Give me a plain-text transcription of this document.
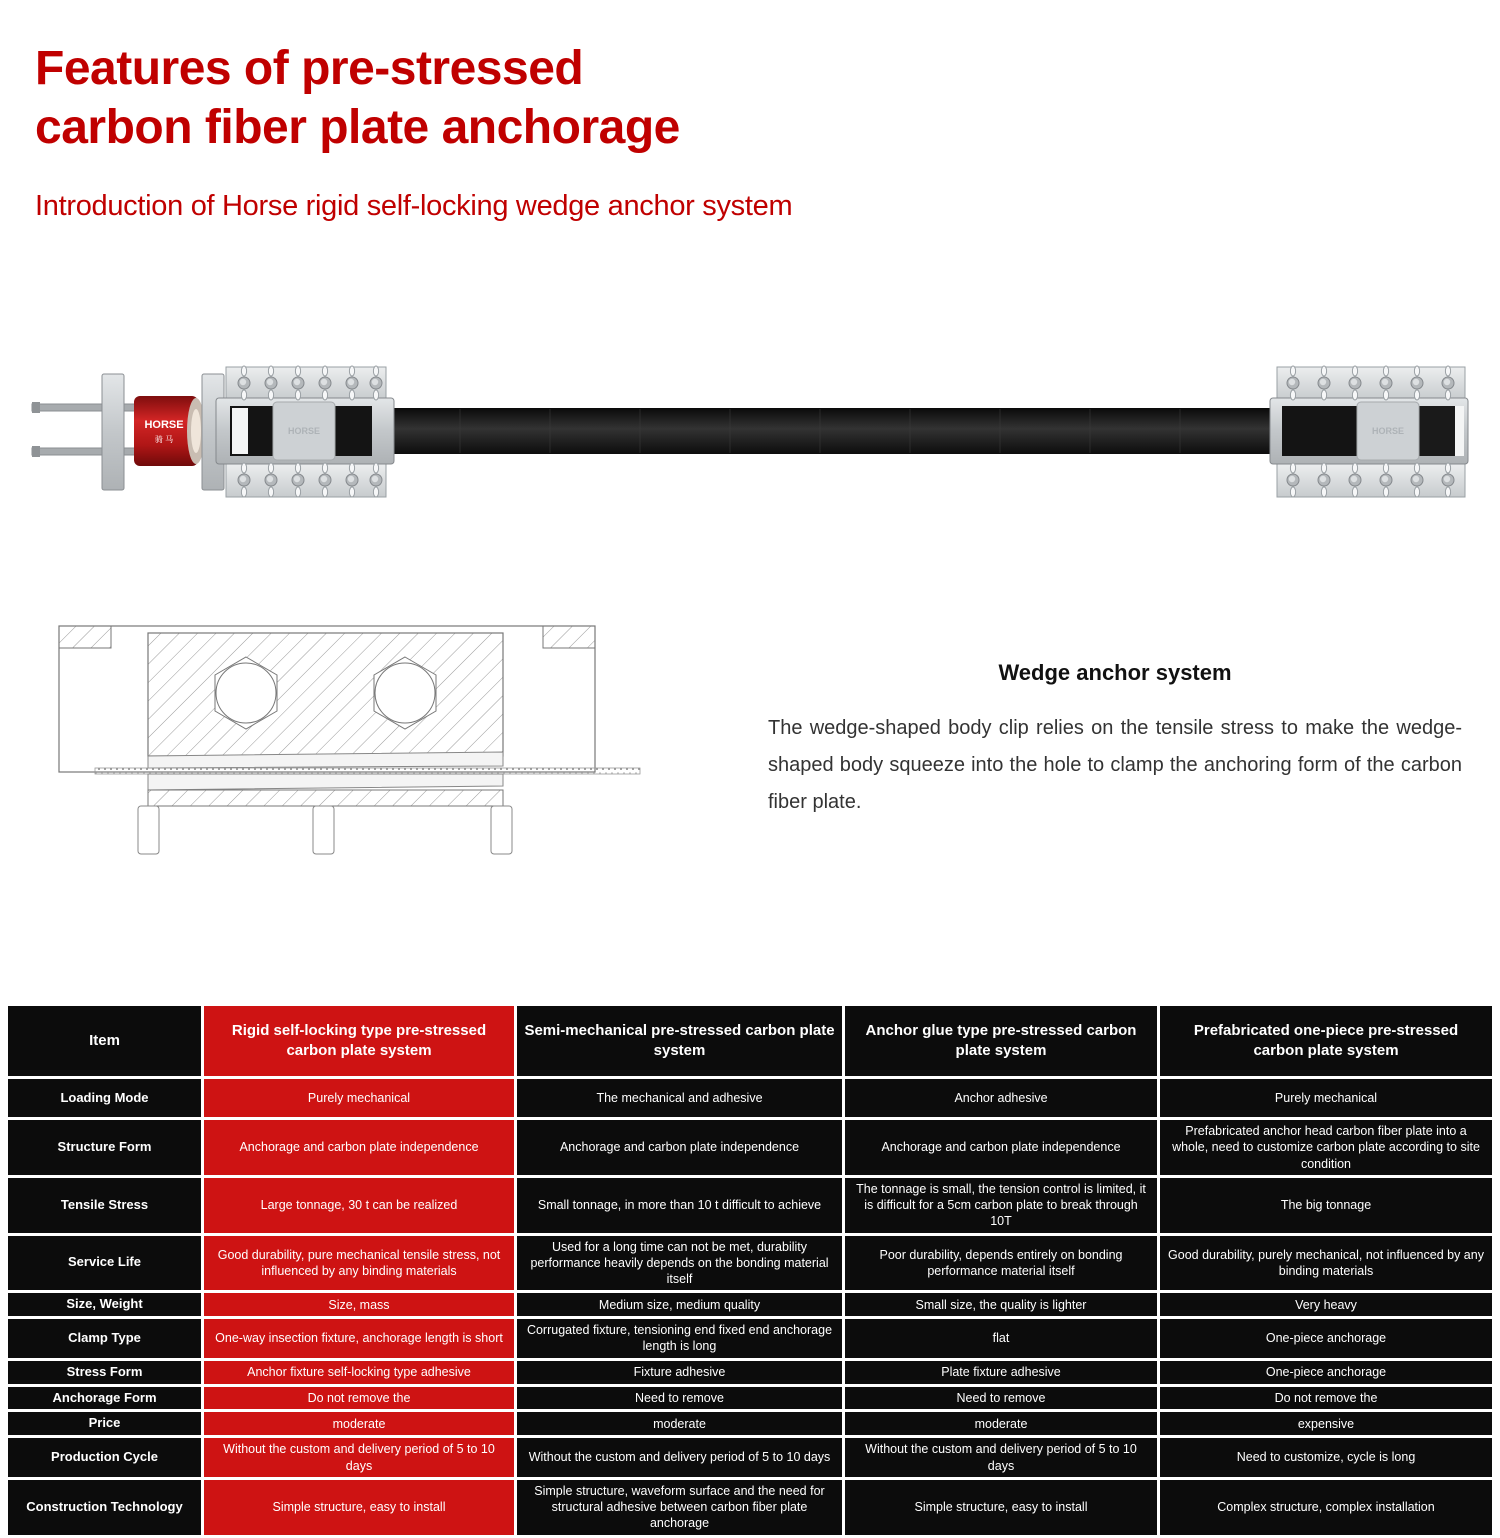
Features of pre-stressed
carbon fiber plate anchorage
Introduction of Horse rigid self-locking wedge anchor system
HORSE
骑 马
HORSE	HORSE
Wedge anchor system

The wedge-shaped body clip relies on the tensile stress to make the wedge-shaped body squeeze into the hole to clamp the anchoring form of the carbon fiber plate.

Item	Rigid self-locking type pre-stressed carbon plate system	Semi-mechanical pre-stressed carbon plate system	Anchor glue type pre-stressed carbon plate system	Prefabricated one-piece pre-stressed carbon plate system
Loading Mode	Purely mechanical	The mechanical and adhesive	Anchor adhesive	Purely mechanical
Structure Form	Anchorage and carbon plate independence	Anchorage and carbon plate independence	Anchorage and carbon plate independence	Prefabricated anchor head carbon fiber plate into a whole, need to customize carbon plate according to site condition
Tensile Stress	Large tonnage, 30 t can be realized	Small tonnage, in more than 10 t difficult to achieve	The tonnage is small, the tension control is limited, it is difficult for a 5cm carbon plate to break through 10T	The big tonnage
Service Life	Good durability, pure mechanical tensile stress, not influenced by any binding materials	Used for a long time can not be met, durability performance heavily depends on the bonding material itself	Poor durability, depends entirely on bonding performance material itself	Good durability, purely mechanical, not influenced by any binding materials
Size, Weight	Size, mass	Medium size, medium quality	Small size, the quality is lighter	Very heavy
Clamp Type	One-way insection fixture, anchorage length is short	Corrugated fixture, tensioning end fixed end anchorage length is long	flat	One-piece anchorage
Stress Form	Anchor fixture self-locking type adhesive	Fixture adhesive	Plate fixture adhesive	One-piece anchorage
Anchorage Form	Do not remove the	Need to remove	Need to remove	Do not remove the
Price	moderate	moderate	moderate	expensive
Production Cycle	Without the custom and delivery period of 5 to 10 days	Without the custom and delivery period of 5 to 10 days	Without the custom and delivery period of 5 to 10 days	Need to customize, cycle is long
Construction Technology	Simple structure, easy to install	Simple structure, waveform surface and the need for structural adhesive between carbon fiber plate anchorage	Simple structure, easy to install	Complex structure, complex installation
